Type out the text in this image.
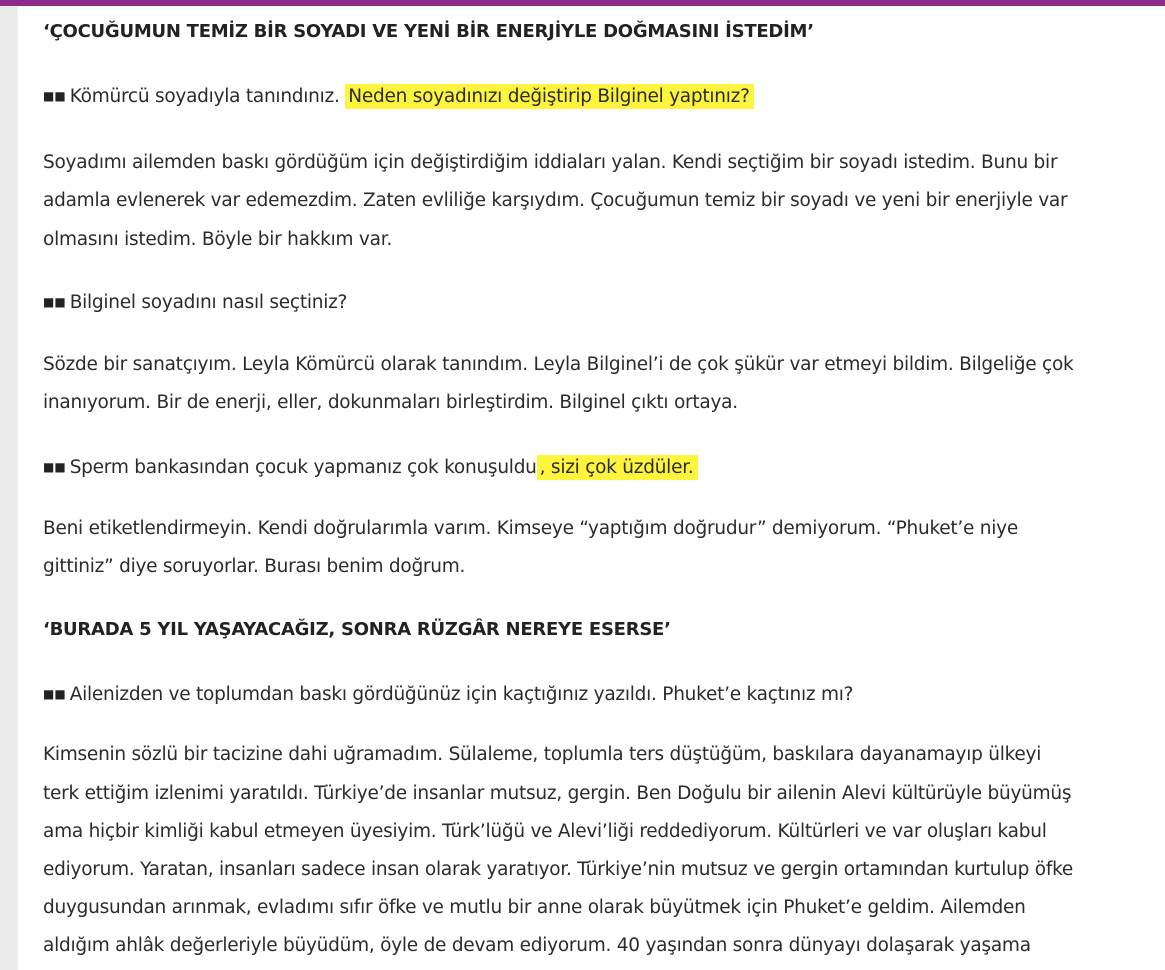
‘ÇOCUĞUMUN TEMİZ BİR SOYADI VE YENİ BİR ENERJİYLE DOĞMASINI İSTEDİM’
■■ Kömürcü soyadıyla tanındınız. Neden soyadınızı değiştirip Bilginel yaptınız?
Soyadımı ailemden baskı gördüğüm için değiştirdiğim iddiaları yalan. Kendi seçtiğim bir soyadı istedim. Bunu bir
adamla evlenerek var edemezdim. Zaten evliliğe karşıydım. Çocuğumun temiz bir soyadı ve yeni bir enerjiyle var
olmasını istedim. Böyle bir hakkım var.
■■ Bilginel soyadını nasıl seçtiniz?
Sözde bir sanatçıyım. Leyla Kömürcü olarak tanındım. Leyla Bilginel’i de çok şükür var etmeyi bildim. Bilgeliğe çok
inanıyorum. Bir de enerji, eller, dokunmaları birleştirdim. Bilginel çıktı ortaya.
■■ Sperm bankasından çocuk yapmanız çok konuşuldu , sizi çok üzdüler.
Beni etiketlendirmeyin. Kendi doğrularımla varım. Kimseye “yaptığım doğrudur” demiyorum. “Phuket’e niye
gittiniz” diye soruyorlar. Burası benim doğrum.
‘BURADA 5 YIL YAŞAYACAĞIZ, SONRA RÜZGÂR NEREYE ESERSE’
■■ Ailenizden ve toplumdan baskı gördüğünüz için kaçtığınız yazıldı. Phuket’e kaçtınız mı?
Kimsenin sözlü bir tacizine dahi uğramadım. Sülaleme, toplumla ters düştüğüm, baskılara dayanamayıp ülkeyi
terk ettiğim izlenimi yaratıldı. Türkiye’de insanlar mutsuz, gergin. Ben Doğulu bir ailenin Alevi kültürüyle büyümüş
ama hiçbir kimliği kabul etmeyen üyesiyim. Türk’lüğü ve Alevi’liği reddediyorum. Kültürleri ve var oluşları kabul
ediyorum. Yaratan, insanları sadece insan olarak yaratıyor. Türkiye’nin mutsuz ve gergin ortamından kurtulup öfke
duygusundan arınmak, evladımı sıfır öfke ve mutlu bir anne olarak büyütmek için Phuket’e geldim. Ailemden
aldığım ahlâk değerleriyle büyüdüm, öyle de devam ediyorum. 40 yaşından sonra dünyayı dolaşarak yaşama
